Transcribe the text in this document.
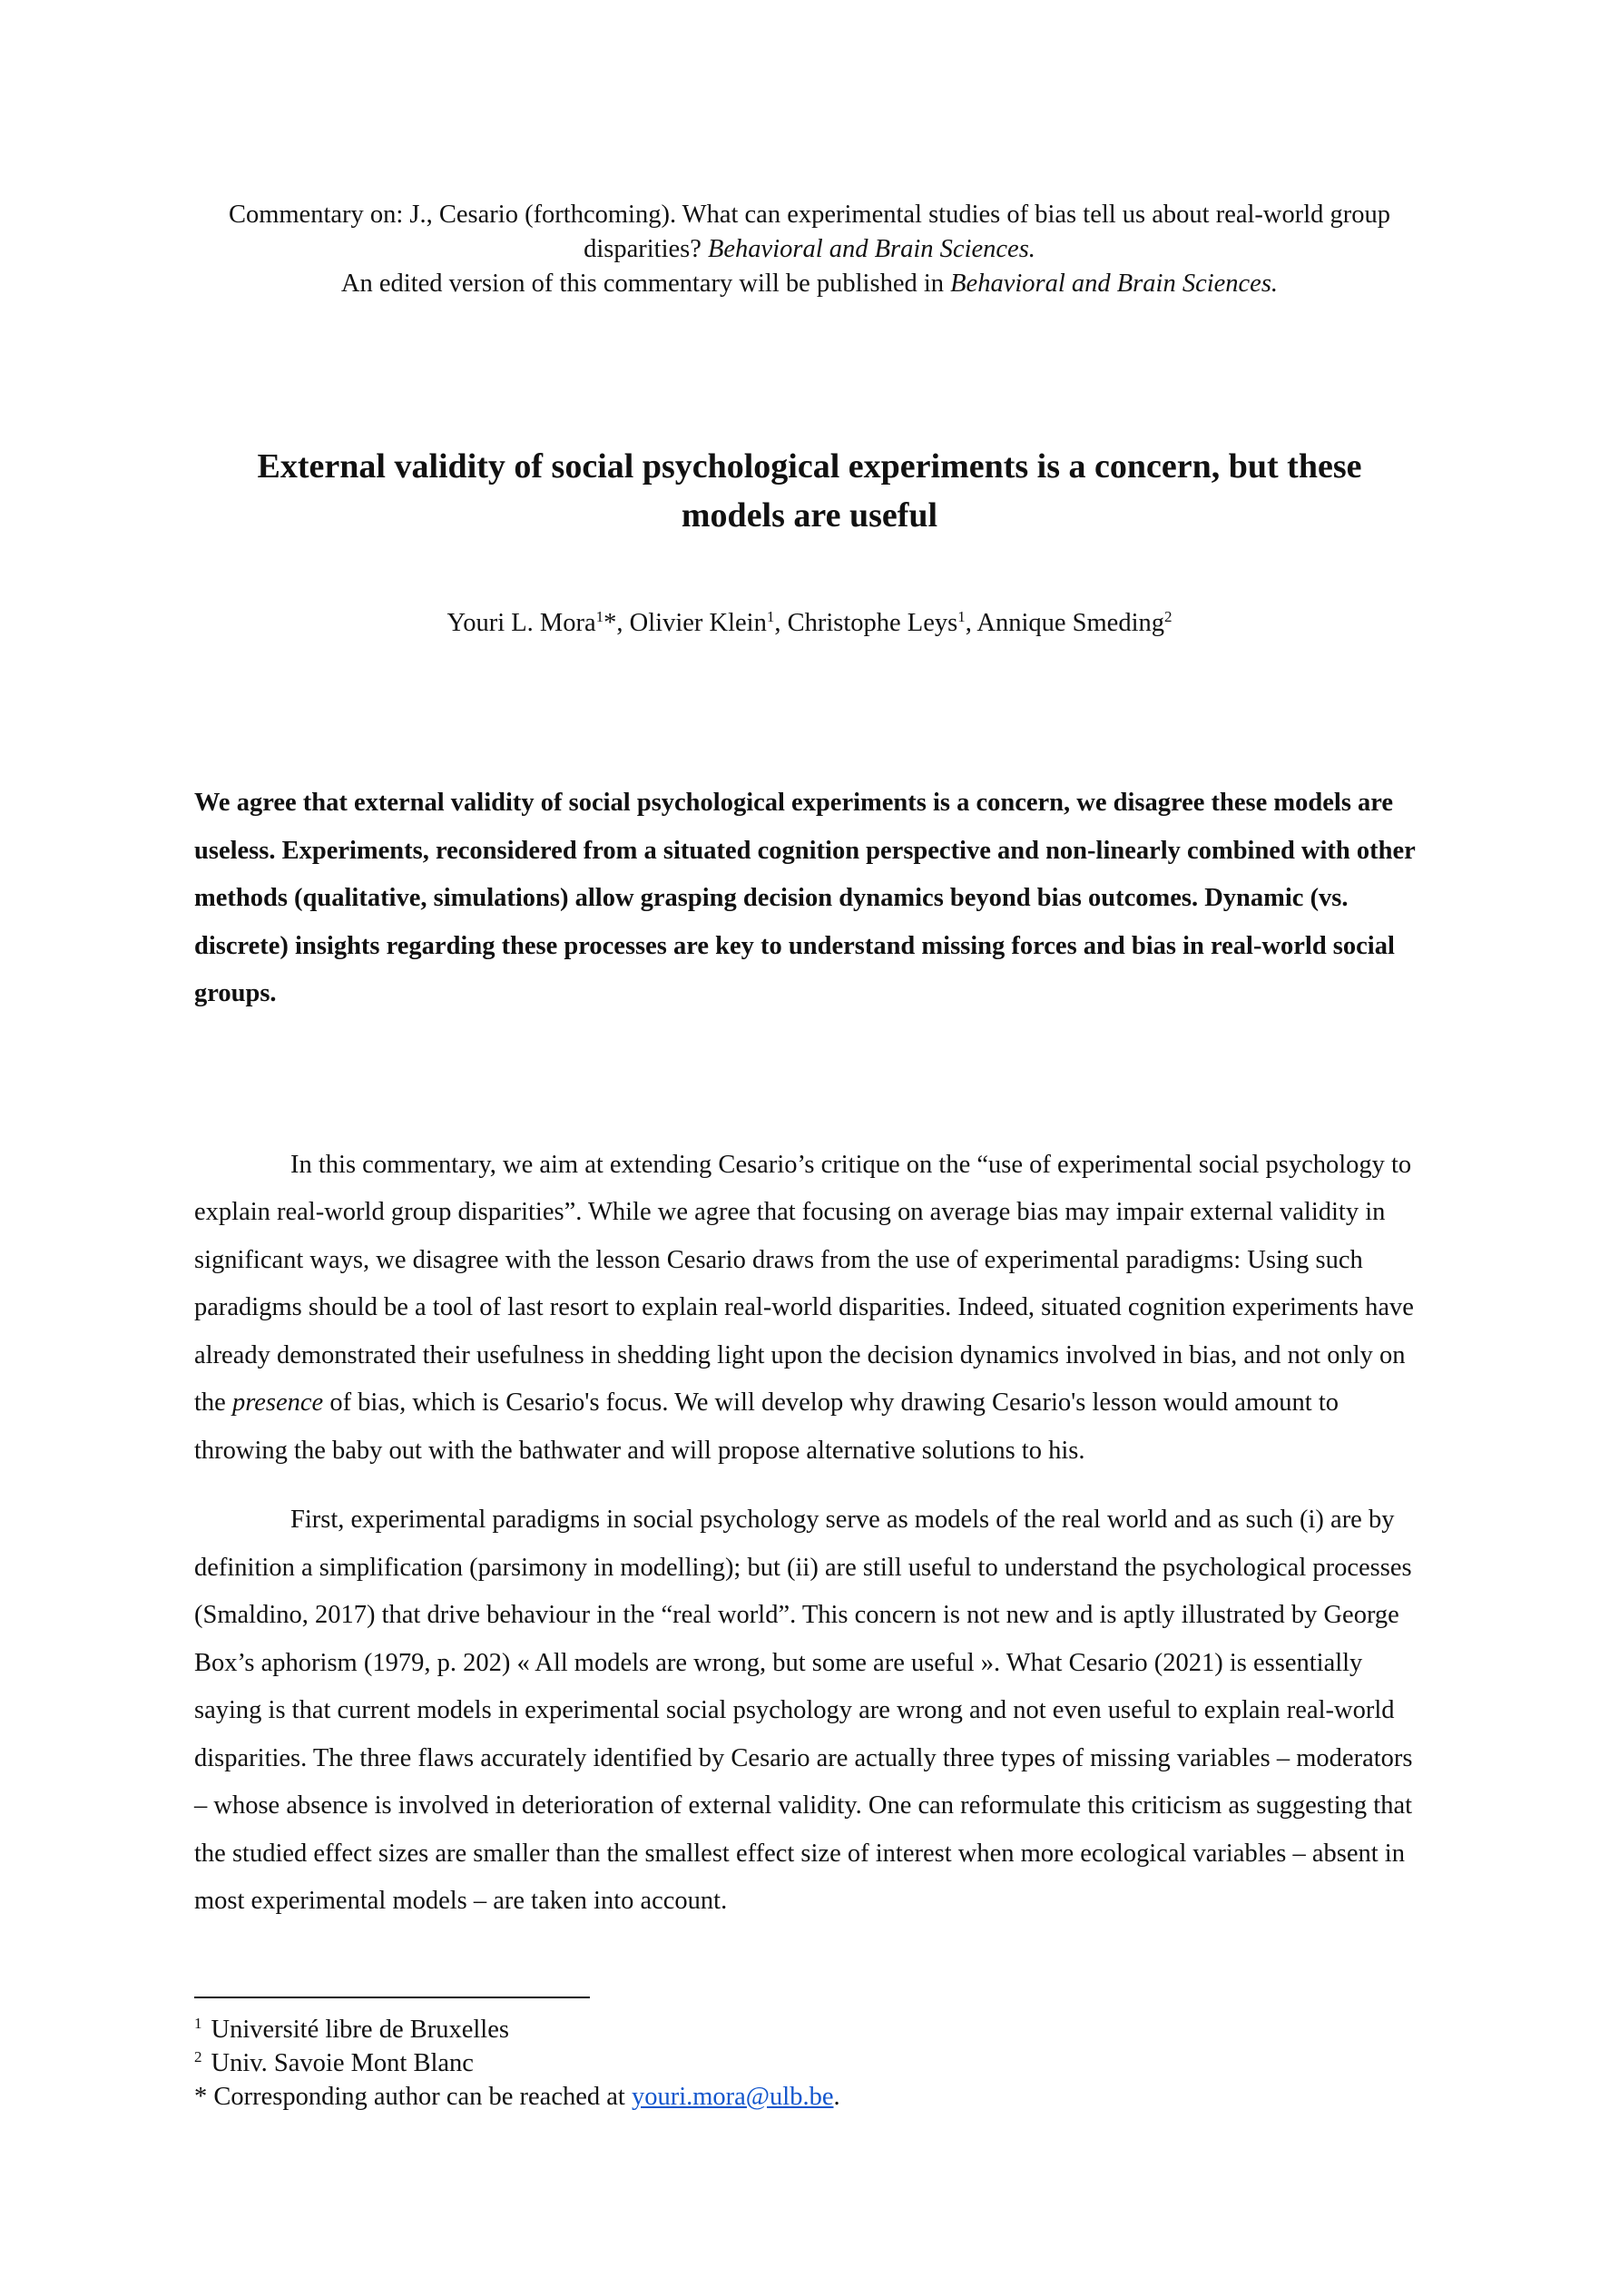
Commentary on: J., Cesario (forthcoming). What can experimental studies of bias tell us about real-world group disparities? Behavioral and Brain Sciences.
An edited version of this commentary will be published in Behavioral and Brain Sciences.
External validity of social psychological experiments is a concern, but these models are useful
Youri L. Mora$^1$*, Olivier Klein$^1$, Christophe Leys$^1$, Annique Smeding$^2$
We agree that external validity of social psychological experiments is a concern, we disagree these models are useless. Experiments, reconsidered from a situated cognition perspective and non-linearly combined with other methods (qualitative, simulations) allow grasping decision dynamics beyond bias outcomes. Dynamic (vs. discrete) insights regarding these processes are key to understand missing forces and bias in real-world social groups.

In this commentary, we aim at extending Cesario’s critique on the “use of experimental social psychology to explain real-world group disparities”. While we agree that focusing on average bias may impair external validity in significant ways, we disagree with the lesson Cesario draws from the use of experimental paradigms: Using such paradigms should be a tool of last resort to explain real-world disparities. Indeed, situated cognition experiments have already demonstrated their usefulness in shedding light upon the decision dynamics involved in bias, and not only on the presence of bias, which is Cesario's focus. We will develop why drawing Cesario's lesson would amount to throwing the baby out with the bathwater and will propose alternative solutions to his.

First, experimental paradigms in social psychology serve as models of the real world and as such (i) are by definition a simplification (parsimony in modelling); but (ii) are still useful to understand the psychological processes (Smaldino, 2017) that drive behaviour in the “real world”. This concern is not new and is aptly illustrated by George Box’s aphorism (1979, p. 202) « All models are wrong, but some are useful ». What Cesario (2021) is essentially saying is that current models in experimental social psychology are wrong and not even useful to explain real-world disparities. The three flaws accurately identified by Cesario are actually three types of missing variables – moderators – whose absence is involved in deterioration of external validity. One can reformulate this criticism as suggesting that the studied effect sizes are smaller than the smallest effect size of interest when more ecological variables – absent in most experimental models – are taken into account.

$^1$ Université libre de Bruxelles
$^2$ Univ. Savoie Mont Blanc
* Corresponding author can be reached at youri.mora@ulb.be.
